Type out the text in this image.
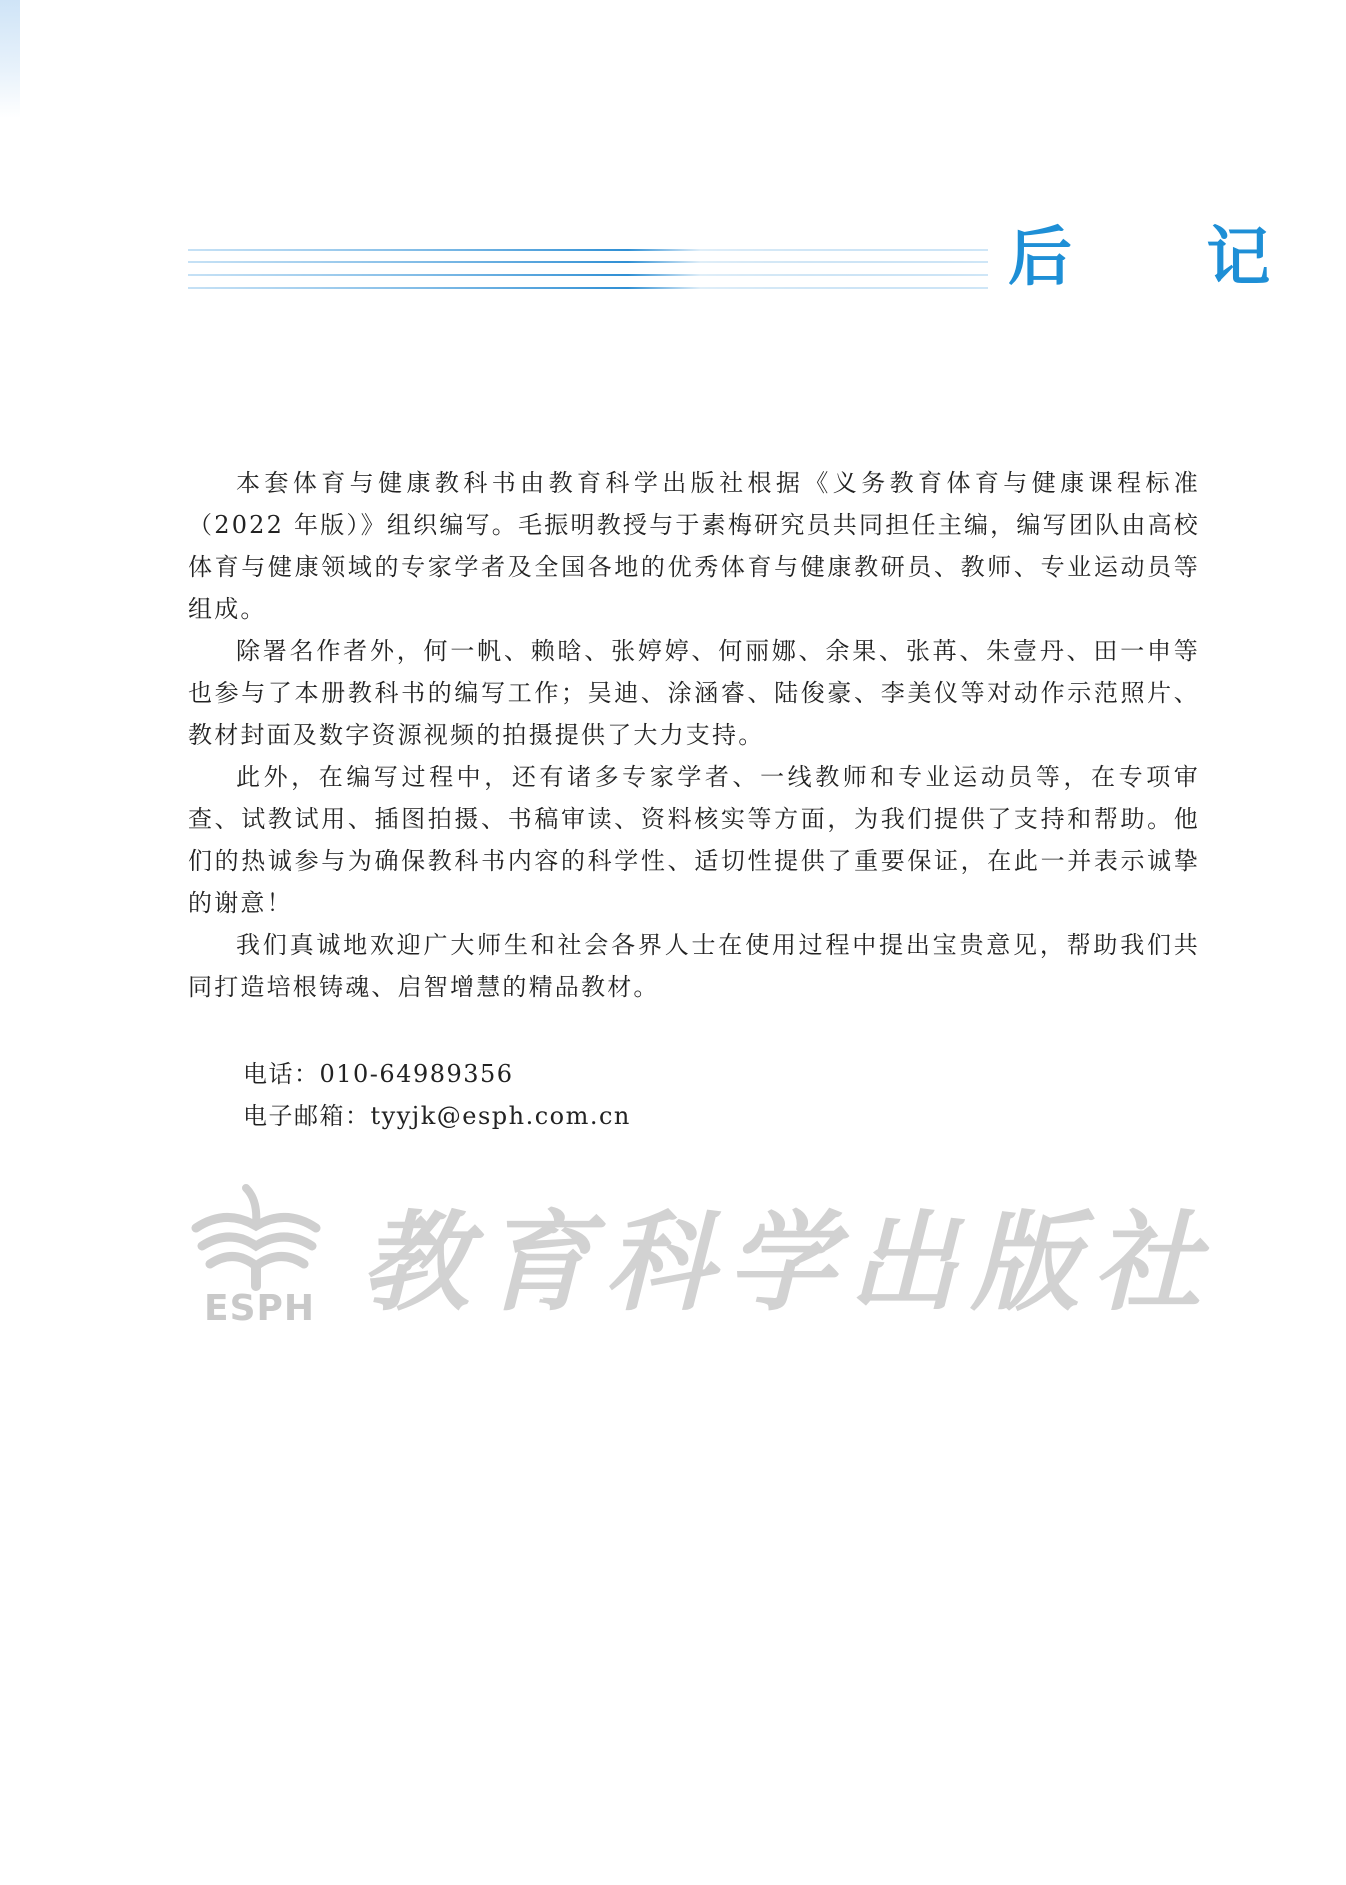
后 记

本套体育与健康教科书由教育科学出版社根据《义务教育体育与健康课程标准（2022 年版）》组织编写。毛振明教授与于素梅研究员共同担任主编，编写团队由高校体育与健康领域的专家学者及全国各地的优秀体育与健康教研员、教师、专业运动员等组成。

除署名作者外，何一帆、赖晗、张婷婷、何丽娜、余果、张苒、朱壹丹、田一申等也参与了本册教科书的编写工作；吴迪、涂涵睿、陆俊豪、李美仪等对动作示范照片、教材封面及数字资源视频的拍摄提供了大力支持。

此外，在编写过程中，还有诸多专家学者、一线教师和专业运动员等，在专项审查、试教试用、插图拍摄、书稿审读、资料核实等方面，为我们提供了支持和帮助。他们的热诚参与为确保教科书内容的科学性、适切性提供了重要保证，在此一并表示诚挚的谢意！

我们真诚地欢迎广大师生和社会各界人士在使用过程中提出宝贵意见，帮助我们共同打造培根铸魂、启智增慧的精品教材。

电话：010-64989356
电子邮箱：tyyjk@esph.com.cn
ESPH 教育科学出版社
